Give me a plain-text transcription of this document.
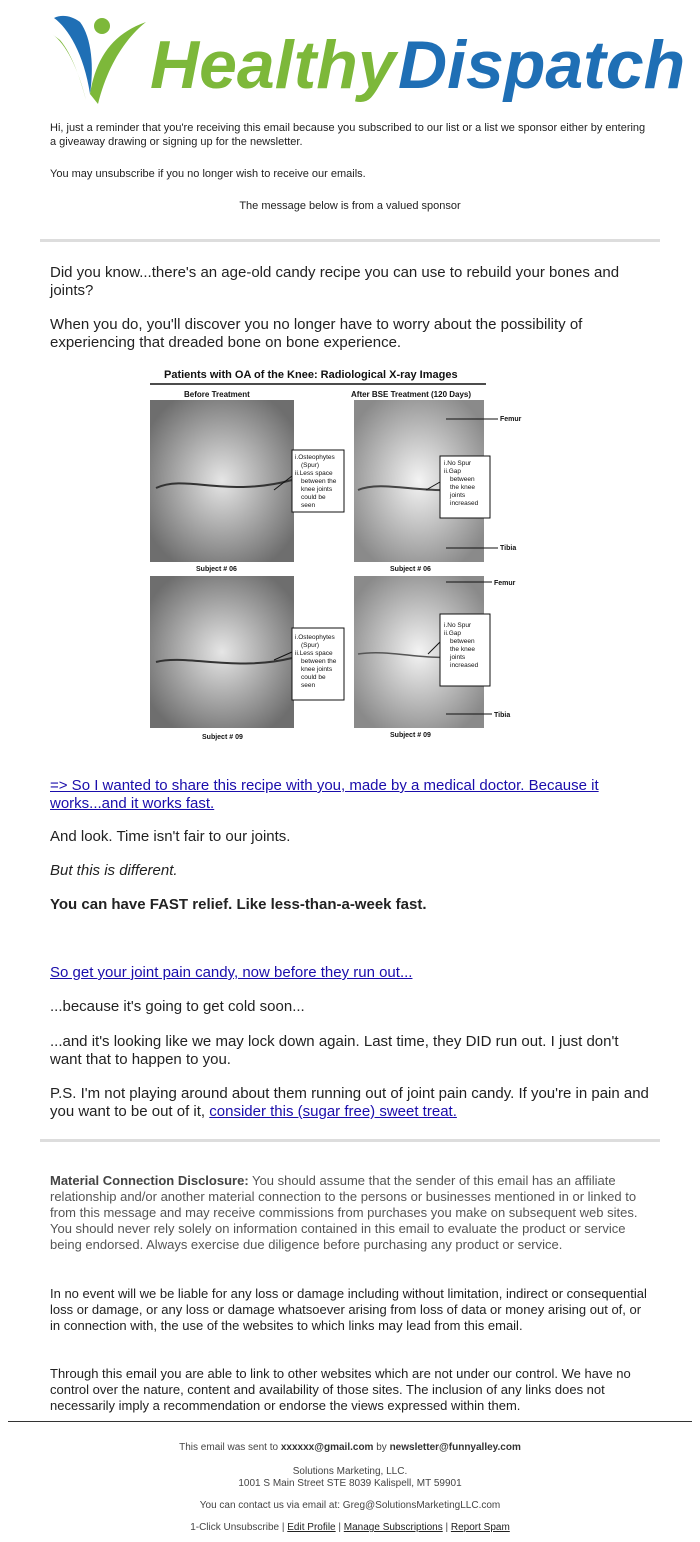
Healthy Dispatch
Hi, just a reminder that you're receiving this email because you subscribed to our list or a list we sponsor either by entering a giveaway drawing or signing up for the newsletter.
You may unsubscribe if you no longer wish to receive our emails.
The message below is from a valued sponsor
Did you know...there's an age-old candy recipe you can use to rebuild your bones and joints?
When you do, you'll discover you no longer have to worry about the possibility of experiencing that dreaded bone on bone experience.
Patients with OA of the Knee: Radiological X-ray Images
Before Treatment	After BSE Treatment (120 Days)
i.Osteophytes
(Spur)
ii.Less space
between the
knee joints
could be
seen
i.No Spur
ii.Gap
between
the knee
joints
increased
Femur
Tibia
Subject # 06	Subject # 06
i.Osteophytes
(Spur)
ii.Less space
between the
knee joints
could be
seen
i.No Spur
ii.Gap
between
the knee
joints
increased
Femur
Tibia
Subject # 09	Subject # 09
=> So I wanted to share this recipe with you, made by a medical doctor. Because it works...and it works fast.
And look. Time isn't fair to our joints.
But this is different.
You can have FAST relief. Like less-than-a-week fast.
So get your joint pain candy, now before they run out...
...because it's going to get cold soon...
...and it's looking like we may lock down again. Last time, they DID run out. I just don't want that to happen to you.
P.S. I'm not playing around about them running out of joint pain candy. If you're in pain and you want to be out of it, consider this (sugar free) sweet treat.
Material Connection Disclosure: You should assume that the sender of this email has an affiliate relationship and/or another material connection to the persons or businesses mentioned in or linked to from this message and may receive commissions from purchases you make on subsequent web sites. You should never rely solely on information contained in this email to evaluate the product or service being endorsed. Always exercise due diligence before purchasing any product or service.
In no event will we be liable for any loss or damage including without limitation, indirect or consequential loss or damage, or any loss or damage whatsoever arising from loss of data or money arising out of, or in connection with, the use of the websites to which links may lead from this email.
Through this email you are able to link to other websites which are not under our control. We have no control over the nature, content and availability of those sites. The inclusion of any links does not necessarily imply a recommendation or endorse the views expressed within them.
This email was sent to xxxxxx@gmail.com by newsletter@funnyalley.com
Solutions Marketing, LLC.
1001 S Main Street STE 8039 Kalispell, MT 59901
You can contact us via email at: Greg@SolutionsMarketingLLC.com
1-Click Unsubscribe | Edit Profile | Manage Subscriptions | Report Spam
